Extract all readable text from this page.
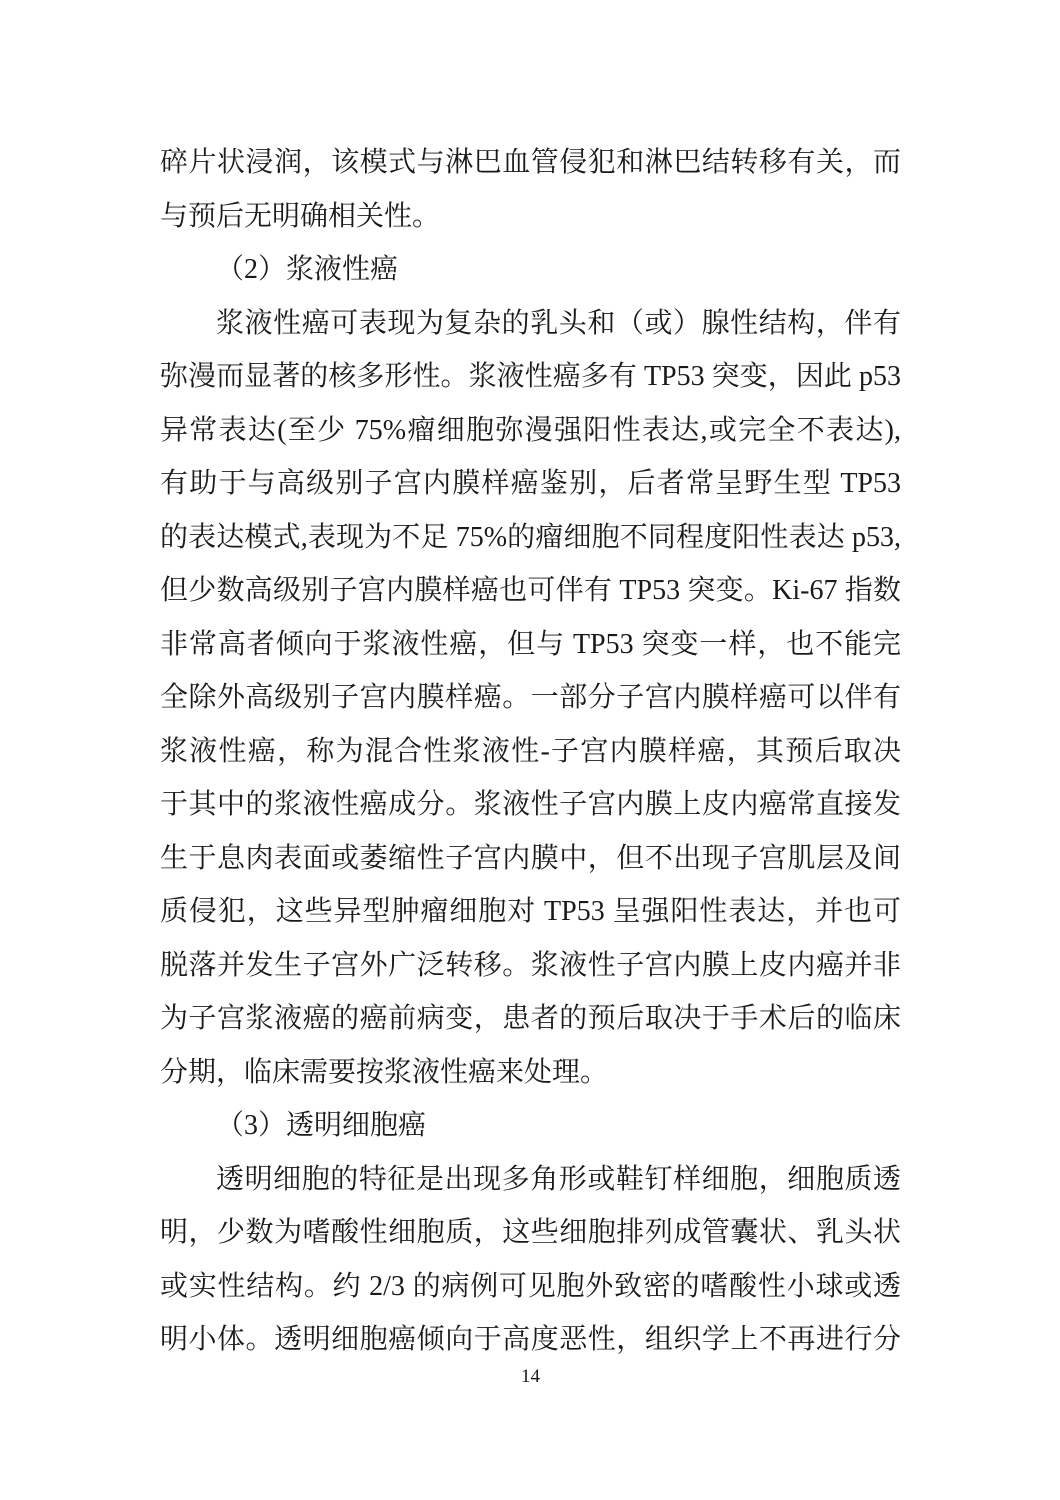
碎片状浸润，该模式与淋巴血管侵犯和淋巴结转移有关，而
与预后无明确相关性。
（2）浆液性癌
浆液性癌可表现为复杂的乳头和（或）腺性结构，伴有
弥漫而显著的核多形性。浆液性癌多有 TP53 突变，因此 p53
异常表达(至少 75%瘤细胞弥漫强阳性表达,或完全不表达),
有助于与高级别子宫内膜样癌鉴别，后者常呈野生型 TP53
的表达模式,表现为不足 75%的瘤细胞不同程度阳性表达 p53,
但少数高级别子宫内膜样癌也可伴有 TP53 突变。Ki-67 指数
非常高者倾向于浆液性癌，但与 TP53 突变一样，也不能完
全除外高级别子宫内膜样癌。一部分子宫内膜样癌可以伴有
浆液性癌，称为混合性浆液性-子宫内膜样癌，其预后取决
于其中的浆液性癌成分。浆液性子宫内膜上皮内癌常直接发
生于息肉表面或萎缩性子宫内膜中，但不出现子宫肌层及间
质侵犯，这些异型肿瘤细胞对 TP53 呈强阳性表达，并也可
脱落并发生子宫外广泛转移。浆液性子宫内膜上皮内癌并非
为子宫浆液癌的癌前病变，患者的预后取决于手术后的临床
分期，临床需要按浆液性癌来处理。
（3）透明细胞癌
透明细胞的特征是出现多角形或鞋钉样细胞，细胞质透
明，少数为嗜酸性细胞质，这些细胞排列成管囊状、乳头状
或实性结构。约 2/3 的病例可见胞外致密的嗜酸性小球或透
明小体。透明细胞癌倾向于高度恶性，组织学上不再进行分
14
